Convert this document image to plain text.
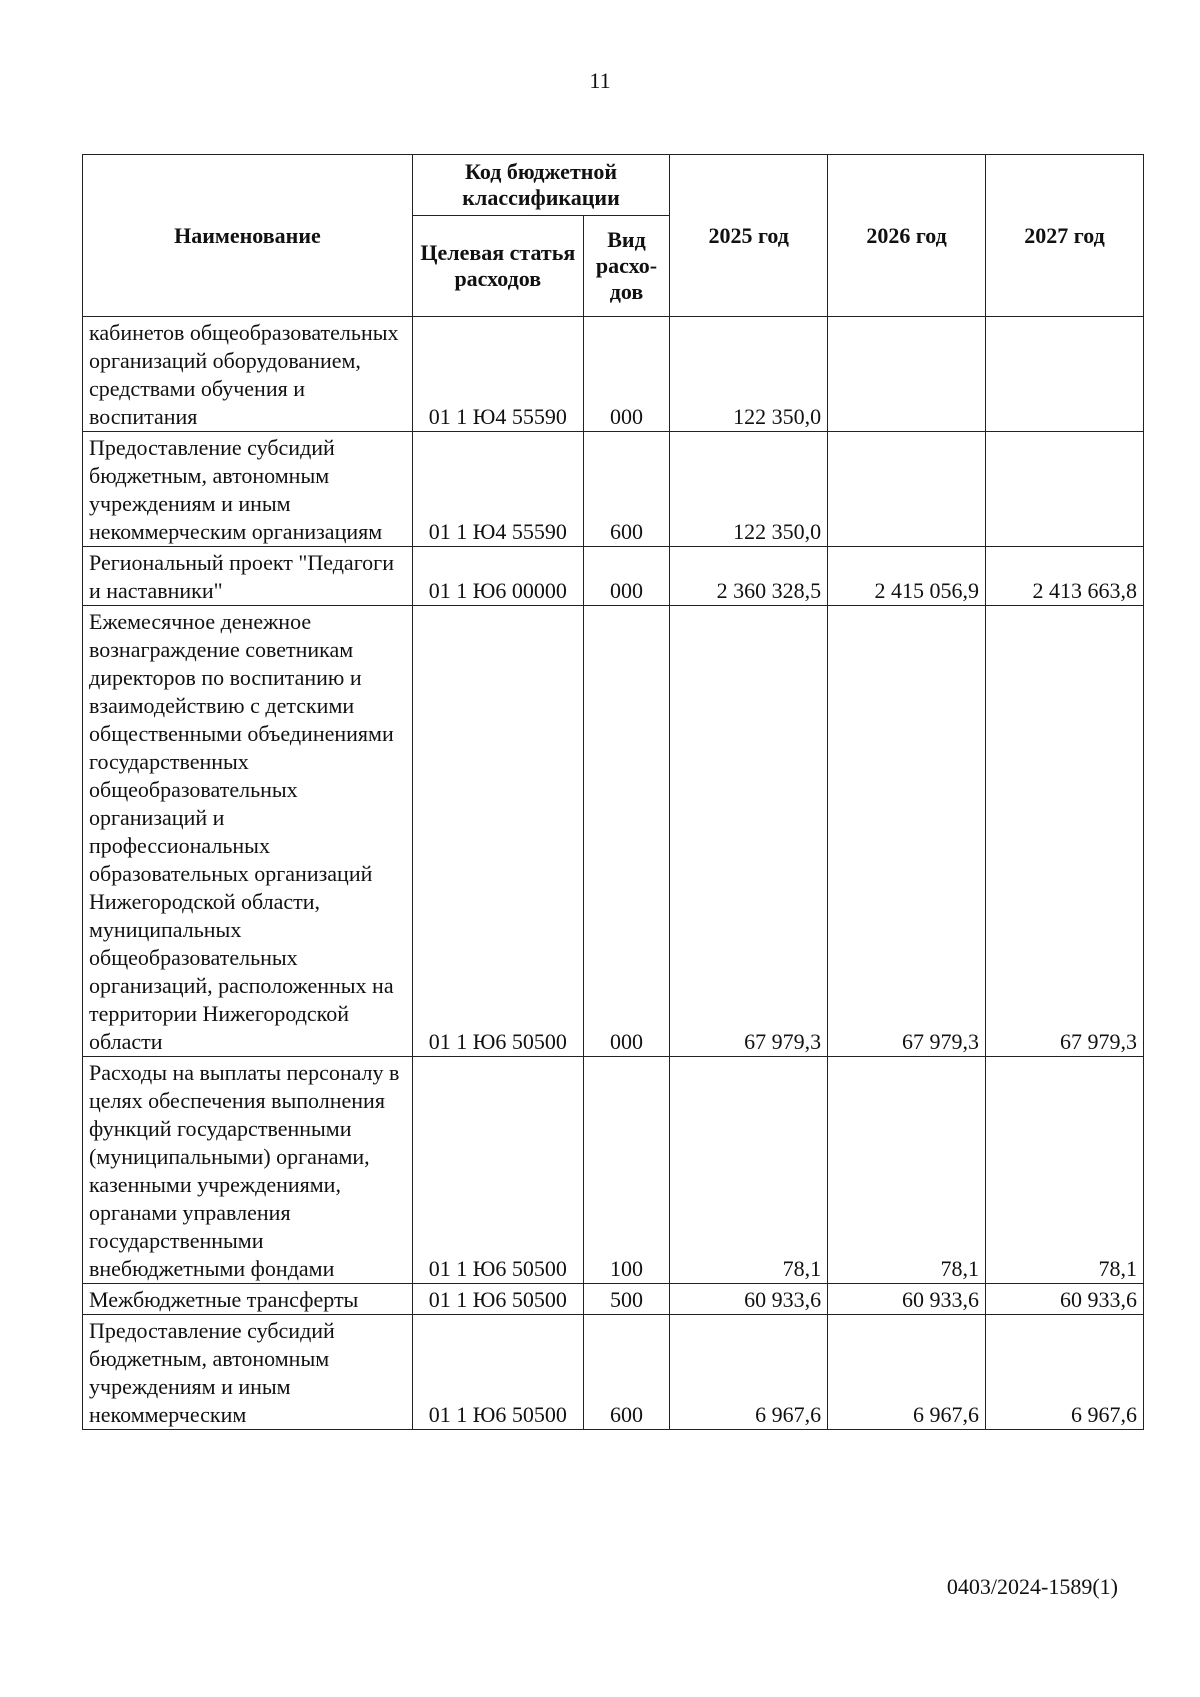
11
Наименование	Код бюджетной классификации		2025 год	2026 год	2027 год
	Целевая статья расходов	Вид расхо-дов			
кабинетов общеобразовательных организаций оборудованием, средствами обучения и воспитания	01 1 Ю4 55590	000	122 350,0		
Предоставление субсидий бюджетным, автономным учреждениям и иным некоммерческим организациям	01 1 Ю4 55590	600	122 350,0		
Региональный проект "Педагоги и наставники"	01 1 Ю6 00000	000	2 360 328,5	2 415 056,9	2 413 663,8
Ежемесячное денежное вознаграждение советникам директоров по воспитанию и взаимодействию с детскими общественными объединениями государственных общеобразовательных организаций и профессиональных образовательных организаций Нижегородской области, муниципальных общеобразовательных организаций, расположенных на территории Нижегородской области	01 1 Ю6 50500	000	67 979,3	67 979,3	67 979,3
Расходы на выплаты персоналу в целях обеспечения выполнения функций государственными (муниципальными) органами, казенными учреждениями, органами управления государственными внебюджетными фондами	01 1 Ю6 50500	100	78,1	78,1	78,1
Межбюджетные трансферты	01 1 Ю6 50500	500	60 933,6	60 933,6	60 933,6
Предоставление субсидий бюджетным, автономным учреждениям и иным некоммерческим	01 1 Ю6 50500	600	6 967,6	6 967,6	6 967,6
0403/2024-1589(1)
